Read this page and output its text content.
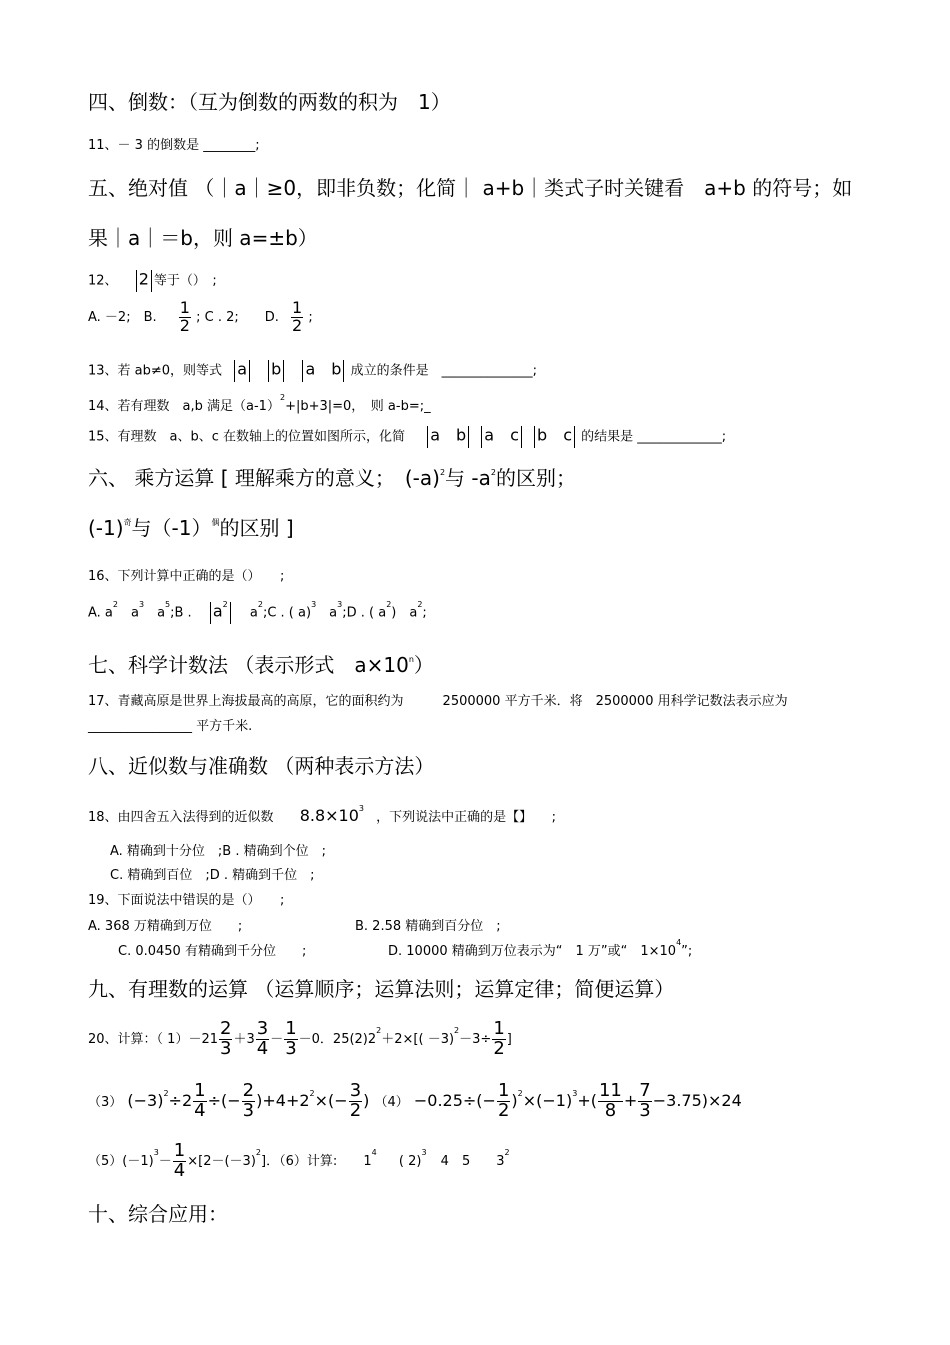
四、倒数：（互为倒数的两数的积为　1）
11、－ 3 的倒数是 ________;
五、绝对值 （｜a｜≥0，即非负数；化简｜ a+b｜类式子时关键看　a+b 的符号；如
果｜a｜＝b，则 a=±b）
12、 2 等于（）　;
A. －2;　B. $\frac{1}{2}$ ; C . 2;　　D. $\frac{1}{2}$ ;
13、若 ab≠0，则等式 a b a　b 成立的条件是　______________;
14、若有理数　a,b 满足$(a-1)^2+|b+3|=0$，　则 a-b=;_
15、有理数　a、b、c 在数轴上的位置如图所示，化简 a　b a　c b　c 的结果是 _____________;
六、 乘方运算 [ 理解乘方的意义；　$(-a)^2$与 $-a^2$的区别；
$(-1)^奇$与$(-1)^偶$的区别 ]
16、下列计算中正确的是（）　　;
A. $a^2$　$a^3$　$a^5;B$ . $a^2$ 　$a^2;C$ . ( a)$^3$　$a^3;D$ . ( $a^2$)　$a^2$;
七、科学计数法 （表示形式　$a\times 10^n$）
17、青藏高原是世界上海拔最高的高原，它的面积约为　　　2500000 平方千米．将　2500000 用科学记数法表示应为
________________ 平方千米.
八、近似数与准确数 （两种表示方法）
18、由四舍五入法得到的近似数 $8.8\times 10^3$ ，下列说法中正确的是【】　　;
A. 精确到十分位　;B . 精确到个位　;
C. 精确到百位　;D . 精确到千位　;
19、下面说法中错误的是（）　　;
A. 368 万精确到万位　　;	B. 2.58 精确到百分位　;
C. 0.0450 有精确到千分位　　;	D. 10000 精确到万位表示为“　1 万”或“　$1\times 10^4$”;
九、有理数的运算 （运算顺序；运算法则；运算定律；简便运算）
20、计算：（ $1)-21 \frac{2}{3} +3 \frac{3}{4} - \frac{1}{3} -0$．$25(2)2^2+2\times[( -3)^2-3\div \frac{1}{2}$ ]
（3） $(-3)^2\div 2 \frac{1}{4}$ ÷(− $\frac{2}{3} )+4+2^2\times(- \frac{3}{2}$ ) $(4) -0.25\div(- \frac{1}{2} )^2\times(-1)^3+( \frac{11}{8} + \frac{7}{3} -3.75)\times 24$
$(5)(-1)^3- \frac{1}{4} \times[2-(-3)^2]$．（6）计算: $1^4$ ( 2)$^3$ 4　5　　$3^2$
十、综合应用：
